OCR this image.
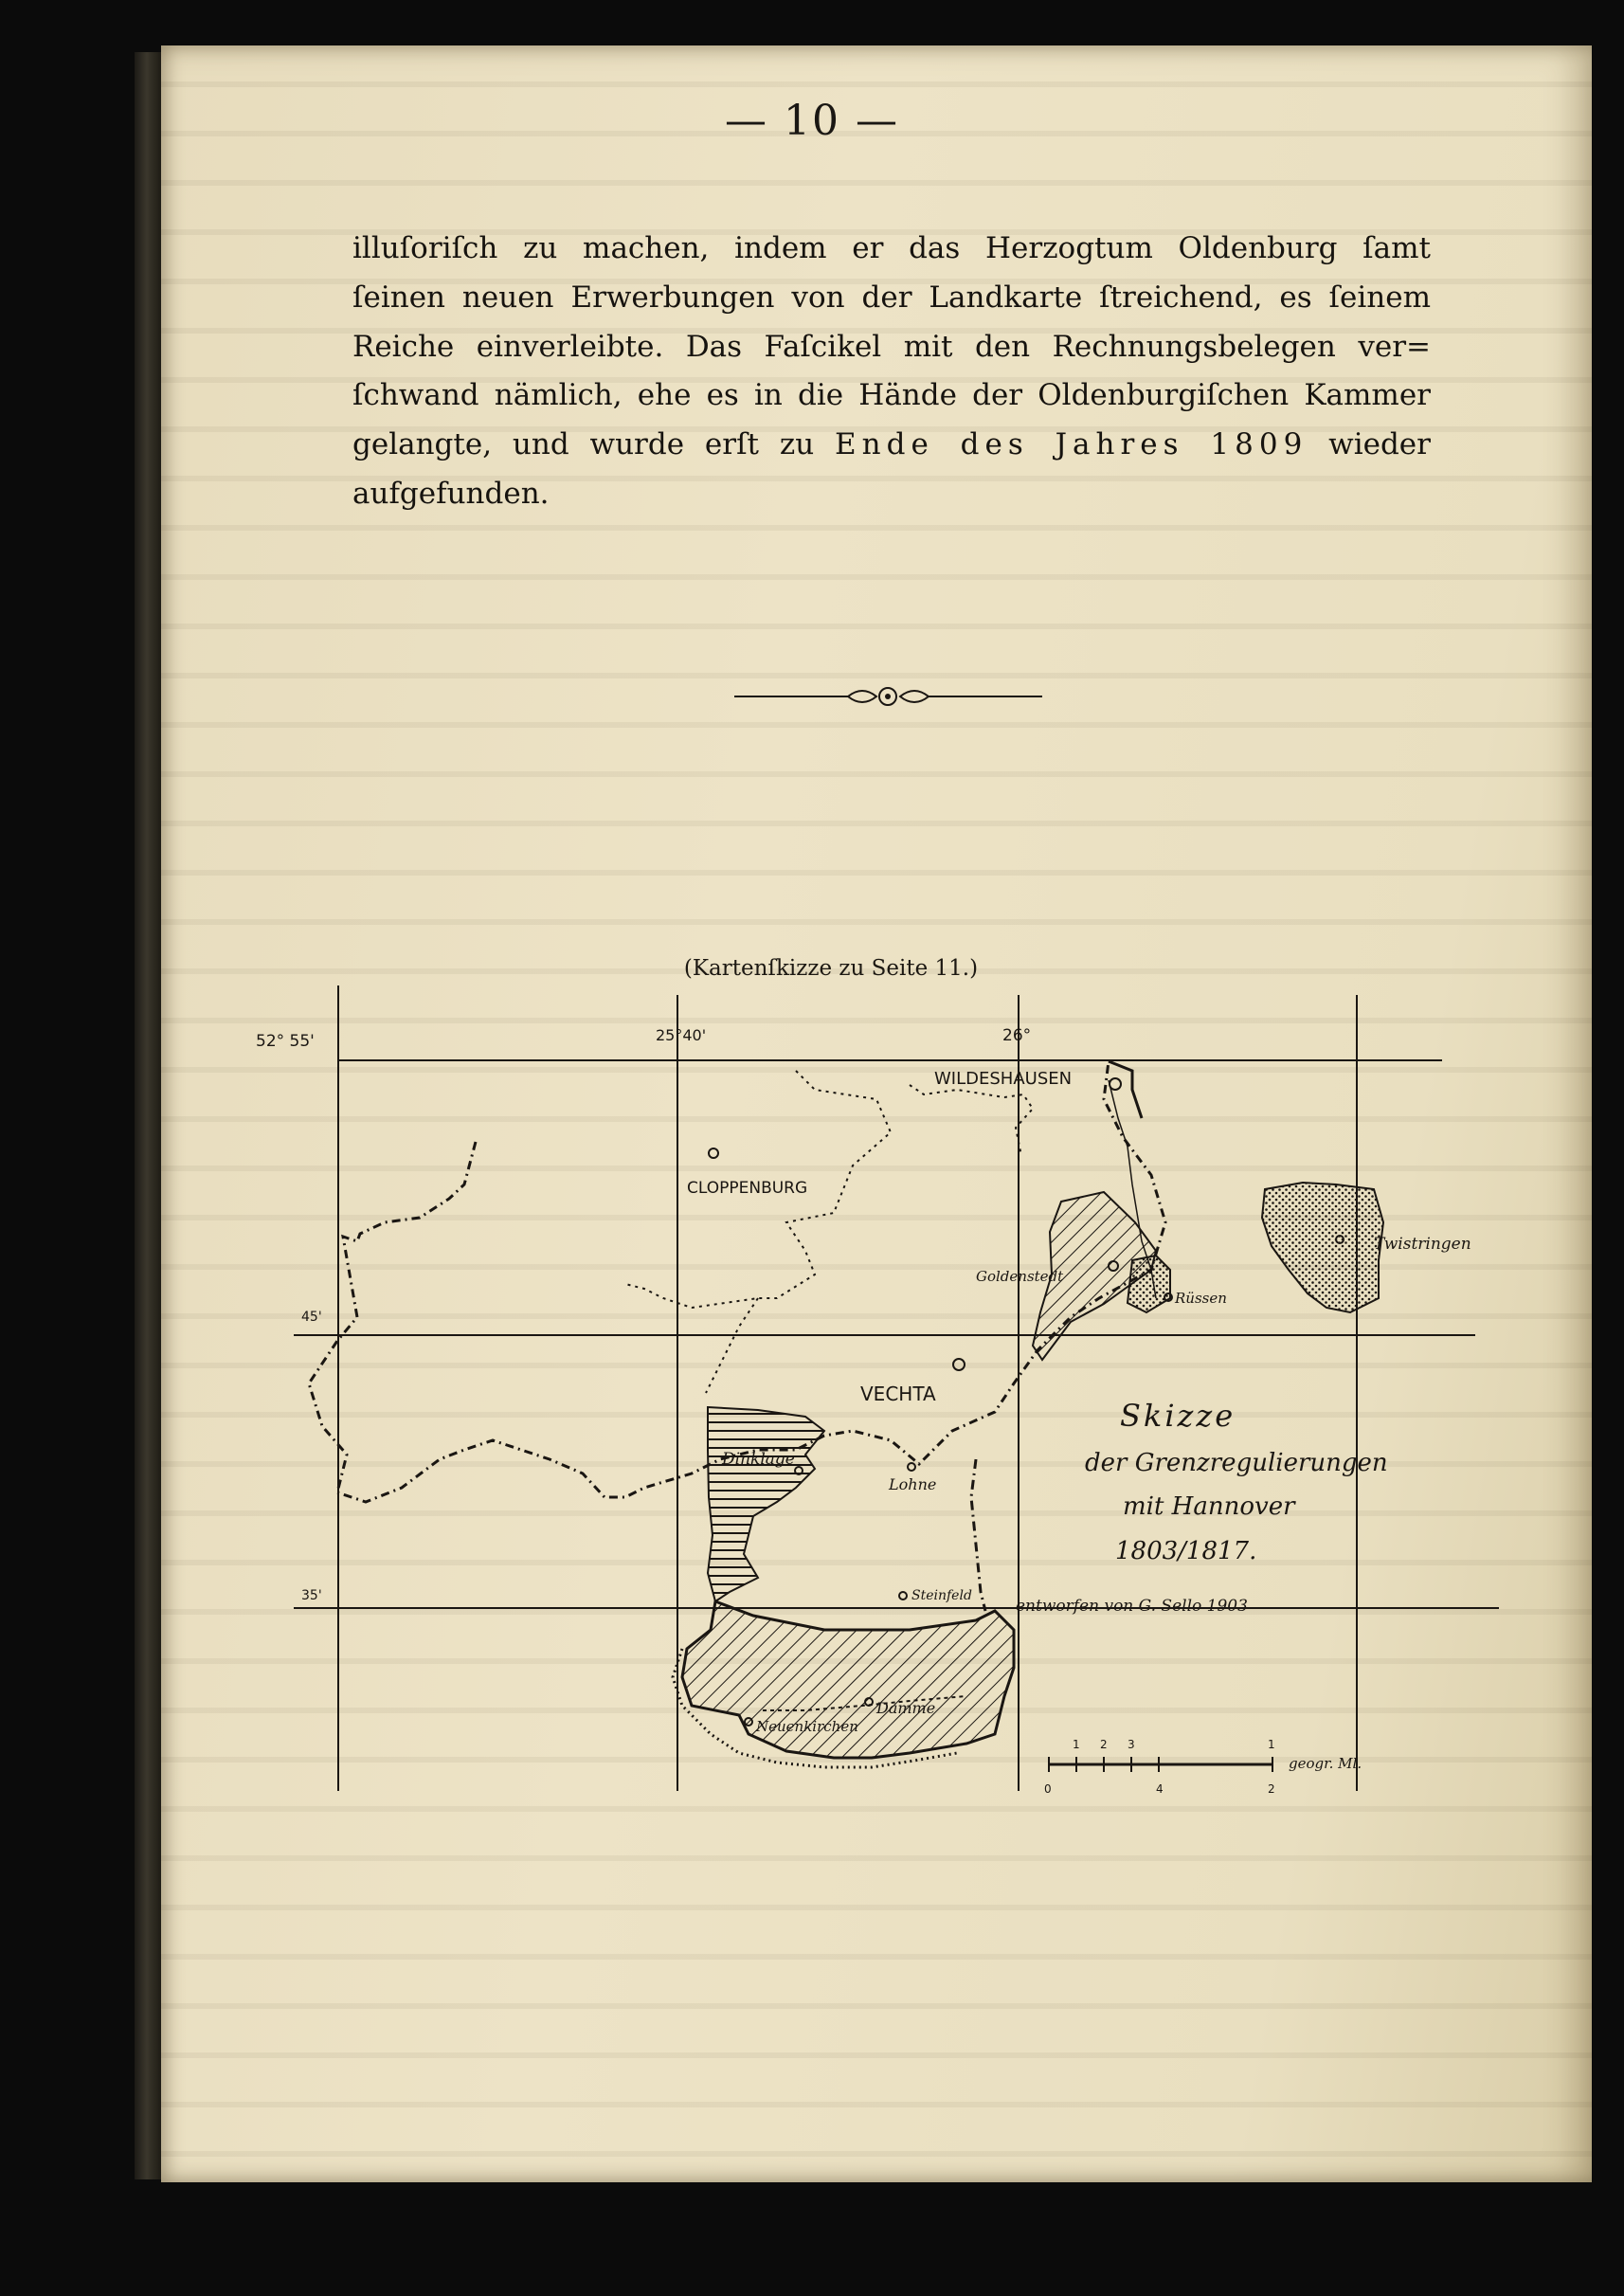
— 10 —
illuſoriſch zu machen, indem er das Herzogtum Oldenburg ſamt
ſeinen neuen Erwerbungen von der Landkarte ſtreichend, es ſeinem
Reiche einverleibte. Das Faſcikel mit den Rechnungsbelegen ver=
ſchwand nämlich, ehe es in die Hände der Oldenburgiſchen Kammer
gelangte, und wurde erſt zu Ende des Jahres 1809 wieder
aufgefunden.
(Kartenſkizze zu Seite 11.)
52° 55'
45'
35'
25°40'	26°
WILDESHAUSEN
CLOPPENBURG
VECHTA
Goldenstedt
Twistringen
Rüssen
Dinklage
Lohne
Steinfeld
Damme
Neuenkirchen
Skizze
der Grenzregulierungen
mit Hannover
1803/1817.
entworfen von G. Sello 1903
0
1 2 3
4
1
2
geogr. Ml.
